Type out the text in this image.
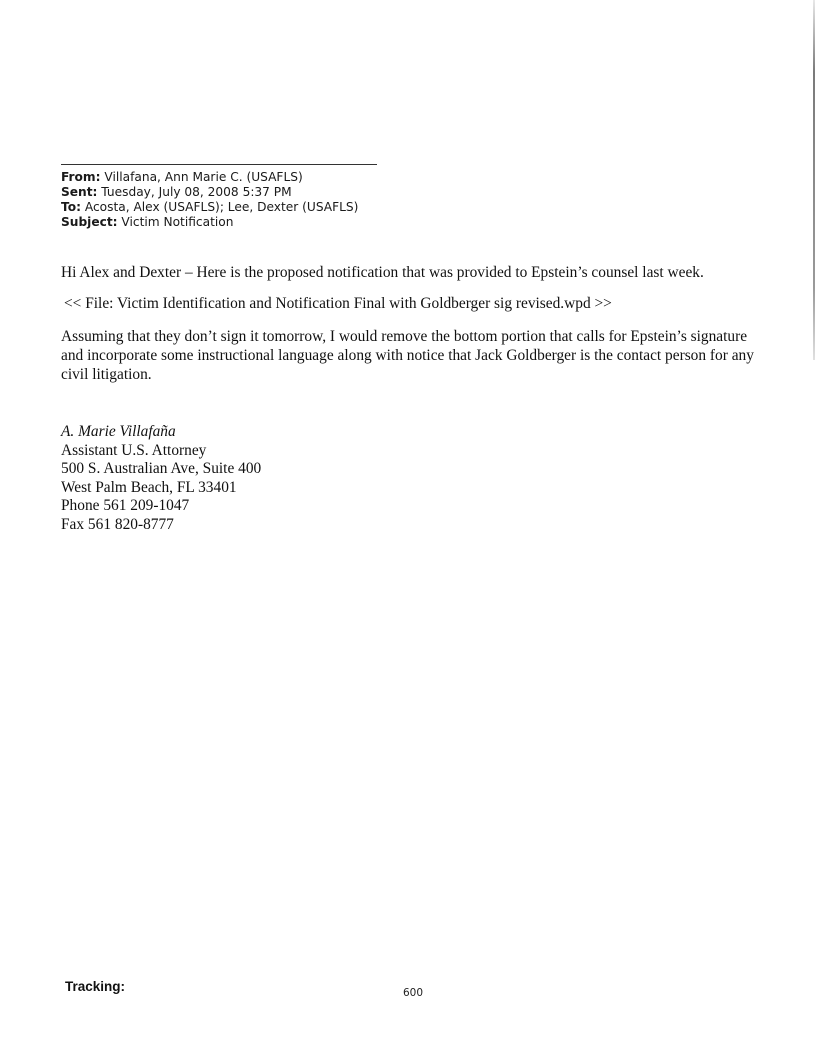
From: Villafana, Ann Marie C. (USAFLS)
Sent: Tuesday, July 08, 2008 5:37 PM
To: Acosta, Alex (USAFLS); Lee, Dexter (USAFLS)
Subject: Victim Notification

Hi Alex and Dexter – Here is the proposed notification that was provided to Epstein’s counsel last week.

<< File: Victim Identification and Notification Final with Goldberger sig revised.wpd >>

Assuming that they don’t sign it tomorrow, I would remove the bottom portion that calls for Epstein’s signature and incorporate some instructional language along with notice that Jack Goldberger is the contact person for any civil litigation.

A. Marie Villafaña
Assistant U.S. Attorney
500 S. Australian Ave, Suite 400
West Palm Beach, FL 33401
Phone 561 209-1047
Fax 561 820-8777
Tracking:	600
